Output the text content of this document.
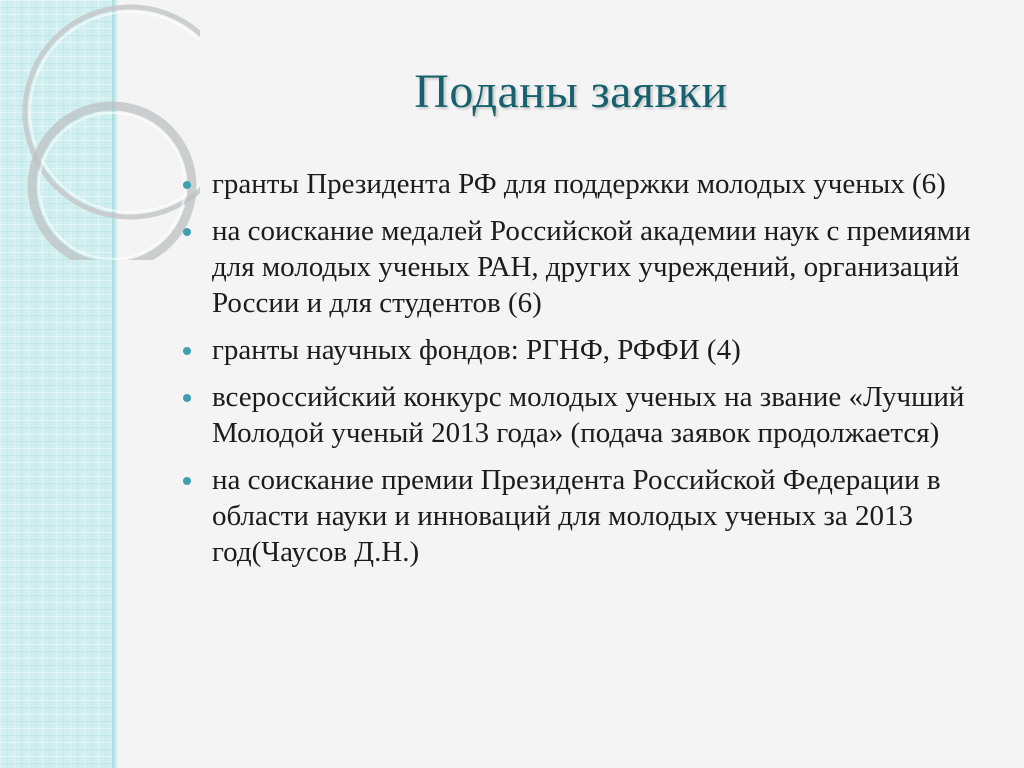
Поданы заявки
гранты Президента РФ для поддержки молодых ученых (6)
на соискание медалей Российской академии наук с премиями для молодых ученых РАН, других учреждений, организаций России и для студентов (6)
гранты научных фондов: РГНФ, РФФИ (4)
всероссийский конкурс молодых ученых на звание «Лучший Молодой ученый 2013 года» (подача заявок продолжается)
на соискание премии Президента Российской Федерации в области науки и инноваций для молодых ученых за 2013 год(Чаусов Д.Н.)
